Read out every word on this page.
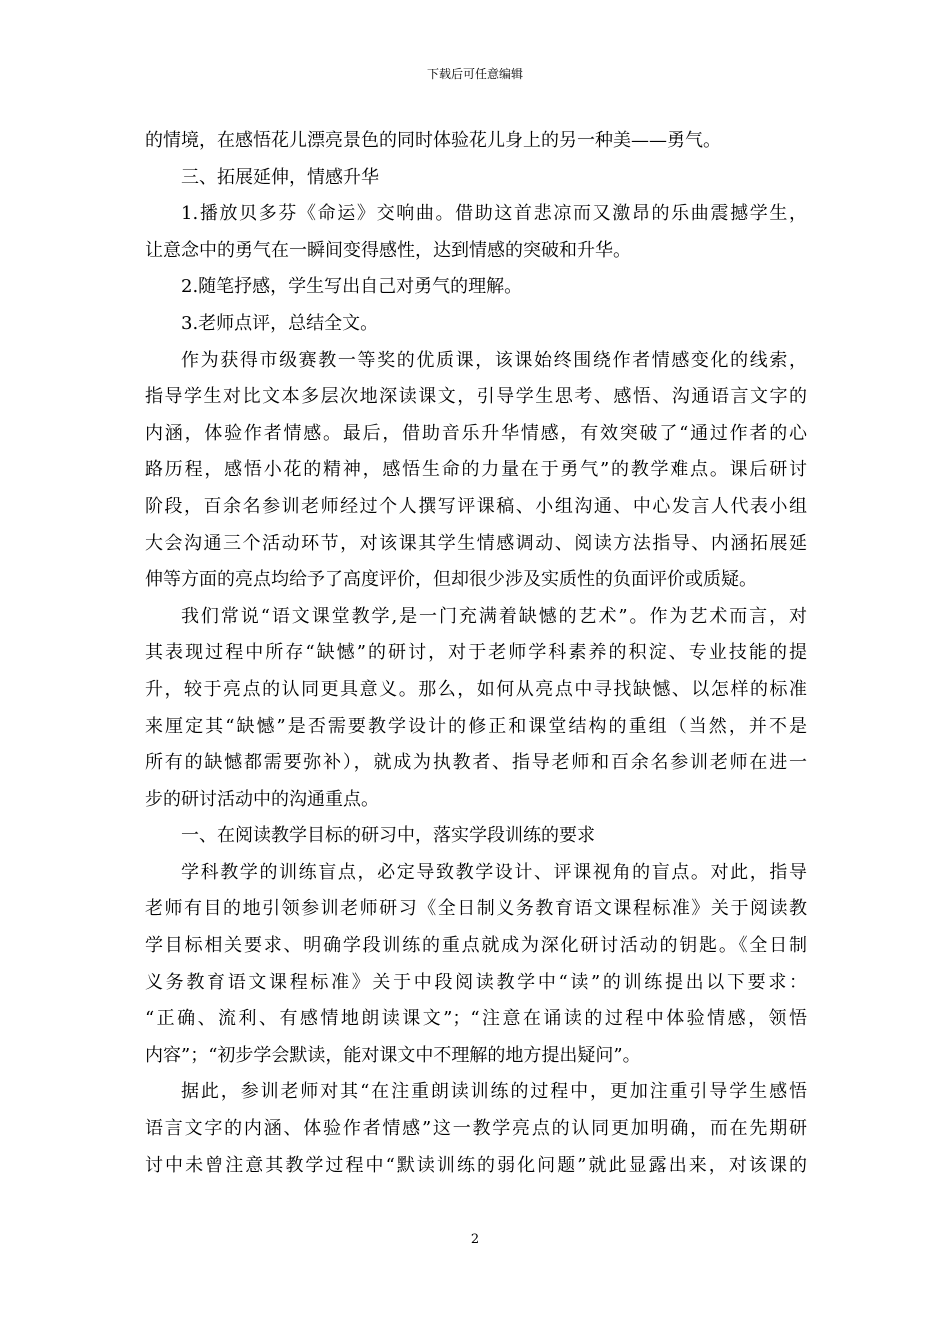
下载后可任意编辑
的情境，在感悟花儿漂亮景色的同时体验花儿身上的另一种美——勇气。
三、拓展延伸，情感升华
1.播放贝多芬《命运》交响曲。借助这首悲凉而又激昂的乐曲震撼学生，
让意念中的勇气在一瞬间变得感性，达到情感的突破和升华。
2.随笔抒感，学生写出自己对勇气的理解。
3.老师点评，总结全文。
作为获得市级赛教一等奖的优质课，该课始终围绕作者情感变化的线索，
指导学生对比文本多层次地深读课文，引导学生思考、感悟、沟通语言文字的
内涵，体验作者情感。最后，借助音乐升华情感，有效突破了“通过作者的心
路历程，感悟小花的精神，感悟生命的力量在于勇气”的教学难点。课后研讨
阶段，百余名参训老师经过个人撰写评课稿、小组沟通、中心发言人代表小组
大会沟通三个活动环节，对该课其学生情感调动、阅读方法指导、内涵拓展延
伸等方面的亮点均给予了高度评价，但却很少涉及实质性的负面评价或质疑。
我们常说“语文课堂教学,是一门充满着缺憾的艺术”。作为艺术而言，对
其表现过程中所存“缺憾”的研讨，对于老师学科素养的积淀、专业技能的提
升，较于亮点的认同更具意义。那么，如何从亮点中寻找缺憾、以怎样的标准
来厘定其“缺憾”是否需要教学设计的修正和课堂结构的重组（当然，并不是
所有的缺憾都需要弥补），就成为执教者、指导老师和百余名参训老师在进一
步的研讨活动中的沟通重点。
一、在阅读教学目标的研习中，落实学段训练的要求
学科教学的训练盲点，必定导致教学设计、评课视角的盲点。对此，指导
老师有目的地引领参训老师研习《全日制义务教育语文课程标准》关于阅读教
学目标相关要求、明确学段训练的重点就成为深化研讨活动的钥匙。《全日制
义务教育语文课程标准》关于中段阅读教学中“读”的训练提出以下要求：
“正确、流利、有感情地朗读课文”；“注意在诵读的过程中体验情感，领悟
内容”；“初步学会默读，能对课文中不理解的地方提出疑问”。
据此，参训老师对其“在注重朗读训练的过程中，更加注重引导学生感悟
语言文字的内涵、体验作者情感”这一教学亮点的认同更加明确，而在先期研
讨中未曾注意其教学过程中“默读训练的弱化问题”就此显露出来，对该课的
2
